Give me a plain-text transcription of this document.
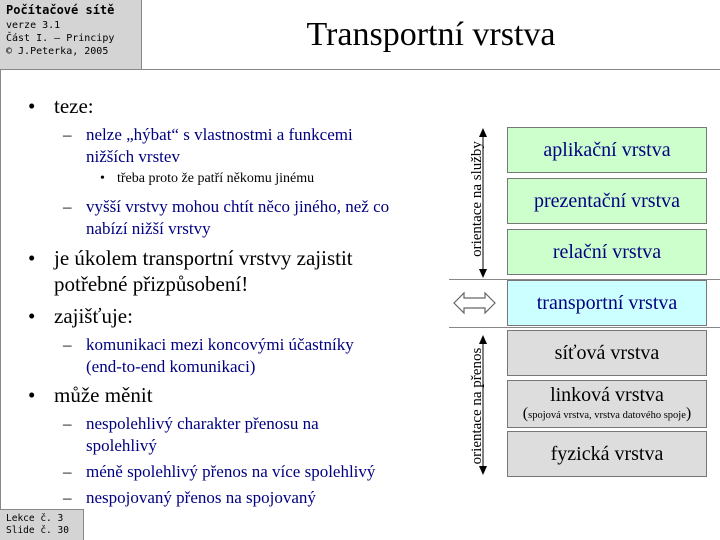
Počítačové sítě
verze 3.1
Část I. – Principy
© J.Peterka, 2005	Transportní vrstva
• teze:
– nelze „hýbat“ s vlastnostmi a funkcemi
nižších vrstev
• třeba proto že patří někomu jinému
– vyšší vrstvy mohou chtít něco jiného, než co
nabízí nižší vrstvy
• je úkolem transportní vrstvy zajistit
potřebné přizpůsobení!
• zajišťuje:
– komunikaci mezi koncovými účastníky
(end-to-end komunikaci)
• může měnit
– nespolehlivý charakter přenosu na
spolehlivý
– méně spolehlivý přenos na více spolehlivý
– nespojovaný přenos na spojovaný
orientace na služby
orientace na přenos
aplikační vrstva
prezentační vrstva
relační vrstva
transportní vrstva
síťová vrstva
linková vrstva
(spojová vrstva, vrstva datového spoje)
fyzická vrstva
Lekce č. 3
Slide č. 30
